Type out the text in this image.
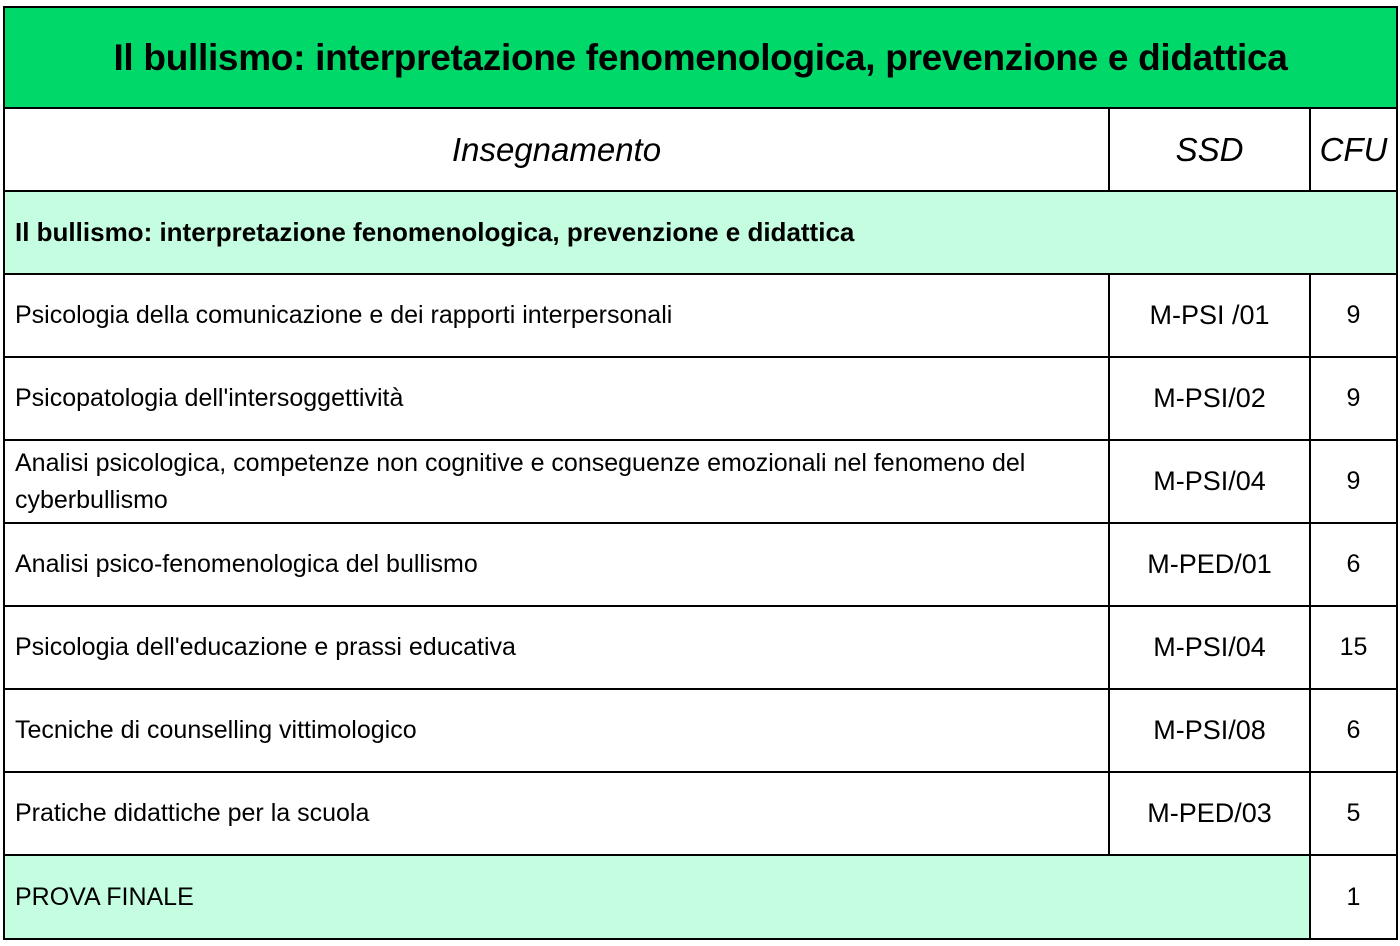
Il bullismo: interpretazione fenomenologica, prevenzione e didattica		
Insegnamento	SSD	CFU
Il bullismo: interpretazione fenomenologica, prevenzione e didattica		
Psicologia della comunicazione e dei rapporti interpersonali	M-PSI /01	9
Psicopatologia dell'intersoggettività	M-PSI/02	9
Analisi psicologica, competenze non cognitive e conseguenze emozionali nel fenomeno del cyberbullismo	M-PSI/04	9
Analisi psico-fenomenologica del bullismo	M-PED/01	6
Psicologia dell'educazione e prassi educativa	M-PSI/04	15
Tecniche di counselling vittimologico	M-PSI/08	6
Pratiche didattiche per la scuola	M-PED/03	5
PROVA FINALE		1
